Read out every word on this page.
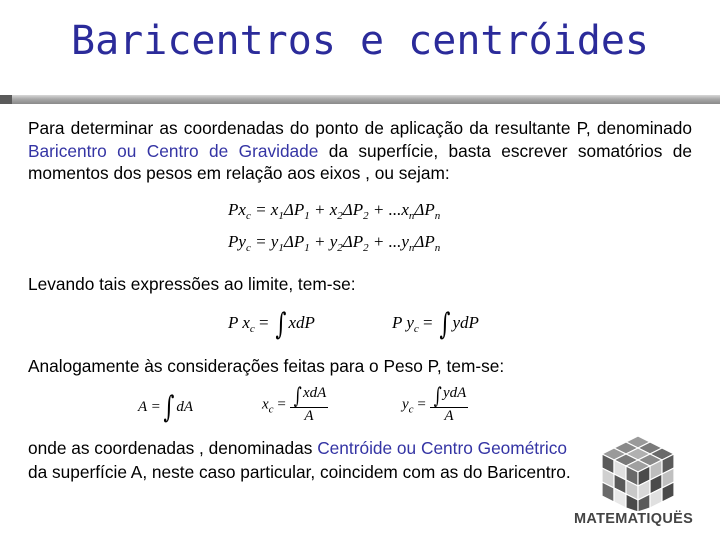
Baricentros e centróides
Para determinar as coordenadas do ponto de aplicação da resultante P, denominado Baricentro ou Centro de Gravidade da superfície, basta escrever somatórios de momentos dos pesos em relação aos eixos , ou sejam:
$Px_c = x_1\Delta P_1 + x_2\Delta P_2 + ...x_n\Delta P_n$
$Py_c = y_1\Delta P_1 + y_2\Delta P_2 + ...y_n\Delta P_n$
Levando tais expressões ao limite, tem-se:
P $x_c$ = ∫ xdP	P $y_c$ = ∫ ydP
Analogamente às considerações feitas para o Peso P, tem-se:
A =∫ dA	$x_c = \frac{\text{∫ xdA}}{A}$	$y_c = \frac{\text{∫ ydA}}{A}$
onde as coordenadas , denominadas Centróide ou Centro Geométrico da superfície A, neste caso particular, coincidem com as do Baricentro.
MATEMATIQUËS
